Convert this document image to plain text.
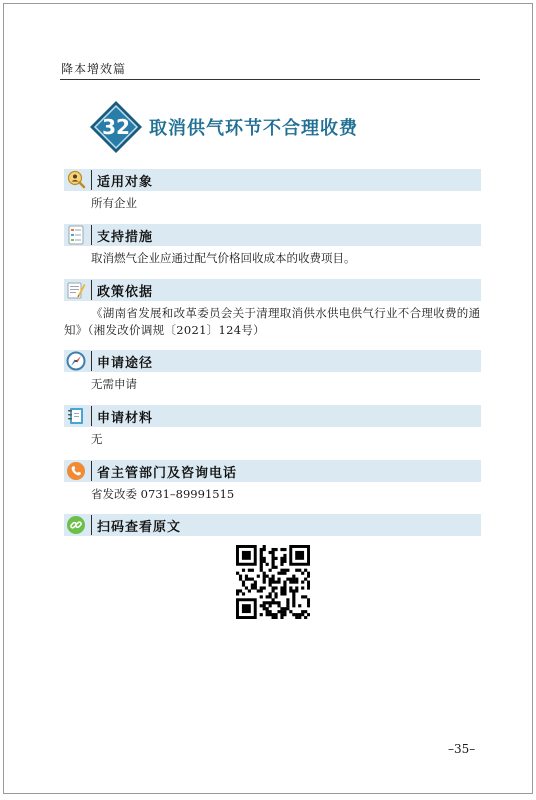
降本增效篇
32	取消供气环节不合理收费
适用对象
所有企业
支持措施
取消燃气企业应通过配气价格回收成本的收费项目。
政策依据
《湖南省发展和改革委员会关于清理取消供水供电供气行业不合理收费的通知》（湘发改价调规〔2021〕124号）
申请途径
无需申请
申请材料
无
省主管部门及咨询电话
省发改委 0731–89991515
扫码查看原文
–35–
